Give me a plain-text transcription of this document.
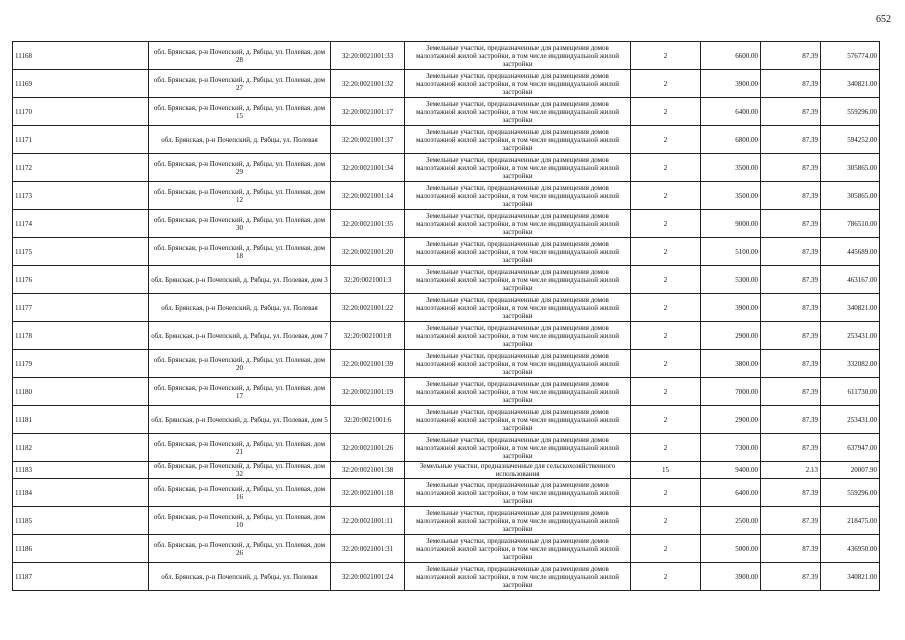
652
11168	обл. Брянская, р-н Почепский, д. Рябцы, ул. Полевая, дом 28	32:20:0021001:33	Земельные участки, предназначенные для размещения домов малоэтажной жилой застройки, в том числе индивидуальной жилой застройки	2	6600.00	87.39	576774.00
11169	обл. Брянская, р-н Почепский, д. Рябцы, ул. Полевая, дом 27	32:20:0021001:32	Земельные участки, предназначенные для размещения домов малоэтажной жилой застройки, в том числе индивидуальной жилой застройки	2	3900.00	87.39	340821.00
11170	обл. Брянская, р-н Почепский, д. Рябцы, ул. Полевая, дом 15	32:20:0021001:17	Земельные участки, предназначенные для размещения домов малоэтажной жилой застройки, в том числе индивидуальной жилой застройки	2	6400.00	87.39	559296.00
11171	обл. Брянская, р-н Почепский, д. Рябцы, ул. Полевая	32:20:0021001:37	Земельные участки, предназначенные для размещения домов малоэтажной жилой застройки, в том числе индивидуальной жилой застройки	2	6800.00	87.39	594252.00
11172	обл. Брянская, р-н Почепский, д. Рябцы, ул. Полевая, дом 29	32:20:0021001:34	Земельные участки, предназначенные для размещения домов малоэтажной жилой застройки, в том числе индивидуальной жилой застройки	2	3500.00	87.39	305865.00
11173	обл. Брянская, р-н Почепский, д. Рябцы, ул. Полевая, дом 12	32:20:0021001:14	Земельные участки, предназначенные для размещения домов малоэтажной жилой застройки, в том числе индивидуальной жилой застройки	2	3500.00	87.39	305865.00
11174	обл. Брянская, р-н Почепский, д. Рябцы, ул. Полевая, дом 30	32:20:0021001:35	Земельные участки, предназначенные для размещения домов малоэтажной жилой застройки, в том числе индивидуальной жилой застройки	2	9000.00	87.39	786510.00
11175	обл. Брянская, р-н Почепский, д. Рябцы, ул. Полевая, дом 18	32:20:0021001:20	Земельные участки, предназначенные для размещения домов малоэтажной жилой застройки, в том числе индивидуальной жилой застройки	2	5100.00	87.39	445689.00
11176	обл. Брянская, р-н Почепский, д. Рябцы, ул. Полевая, дом 3	32:20:0021001:3	Земельные участки, предназначенные для размещения домов малоэтажной жилой застройки, в том числе индивидуальной жилой застройки	2	5300.00	87.39	463167.00
11177	обл. Брянская, р-н Почепский, д. Рябцы, ул. Полевая	32:20:0021001:22	Земельные участки, предназначенные для размещения домов малоэтажной жилой застройки, в том числе индивидуальной жилой застройки	2	3900.00	87.39	340821.00
11178	обл. Брянская, р-н Почепский, д. Рябцы, ул. Полевая, дом 7	32:20:0021001:8	Земельные участки, предназначенные для размещения домов малоэтажной жилой застройки, в том числе индивидуальной жилой застройки	2	2900.00	87.39	253431.00
11179	обл. Брянская, р-н Почепский, д. Рябцы, ул. Полевая, дом 20	32:20:0021001:39	Земельные участки, предназначенные для размещения домов малоэтажной жилой застройки, в том числе индивидуальной жилой застройки	2	3800.00	87.39	332082.00
11180	обл. Брянская, р-н Почепский, д. Рябцы, ул. Полевая, дом 17	32:20:0021001:19	Земельные участки, предназначенные для размещения домов малоэтажной жилой застройки, в том числе индивидуальной жилой застройки	2	7000.00	87.39	611730.00
11181	обл. Брянская, р-н Почепский, д. Рябцы, ул. Полевая, дом 5	32:20:0021001:6	Земельные участки, предназначенные для размещения домов малоэтажной жилой застройки, в том числе индивидуальной жилой застройки	2	2900.00	87.39	253431.00
11182	обл. Брянская, р-н Почепский, д. Рябцы, ул. Полевая, дом 21	32:20:0021001:26	Земельные участки, предназначенные для размещения домов малоэтажной жилой застройки, в том числе индивидуальной жилой застройки	2	7300.00	87.39	637947.00
11183	обл. Брянская, р-н Почепский, д. Рябцы, ул. Полевая, дом 32	32:20:0021001:38	Земельные участки, предназначенные для сельскохозяйственного использования	15	9400.00	2.13	20007.90
11184	обл. Брянская, р-н Почепский, д. Рябцы, ул. Полевая, дом 16	32:20:0021001:18	Земельные участки, предназначенные для размещения домов малоэтажной жилой застройки, в том числе индивидуальной жилой застройки	2	6400.00	87.39	559296.00
11185	обл. Брянская, р-н Почепский, д. Рябцы, ул. Полевая, дом 10	32:20:0021001:11	Земельные участки, предназначенные для размещения домов малоэтажной жилой застройки, в том числе индивидуальной жилой застройки	2	2500.00	87.39	218475.00
11186	обл. Брянская, р-н Почепский, д. Рябцы, ул. Полевая, дом 26	32:20:0021001:31	Земельные участки, предназначенные для размещения домов малоэтажной жилой застройки, в том числе индивидуальной жилой застройки	2	5000.00	87.39	436950.00
11187	обл. Брянская, р-н Почепский, д. Рябцы, ул. Полевая	32:20:0021001:24	Земельные участки, предназначенные для размещения домов малоэтажной жилой застройки, в том числе индивидуальной жилой застройки	2	3900.00	87.39	340821.00
